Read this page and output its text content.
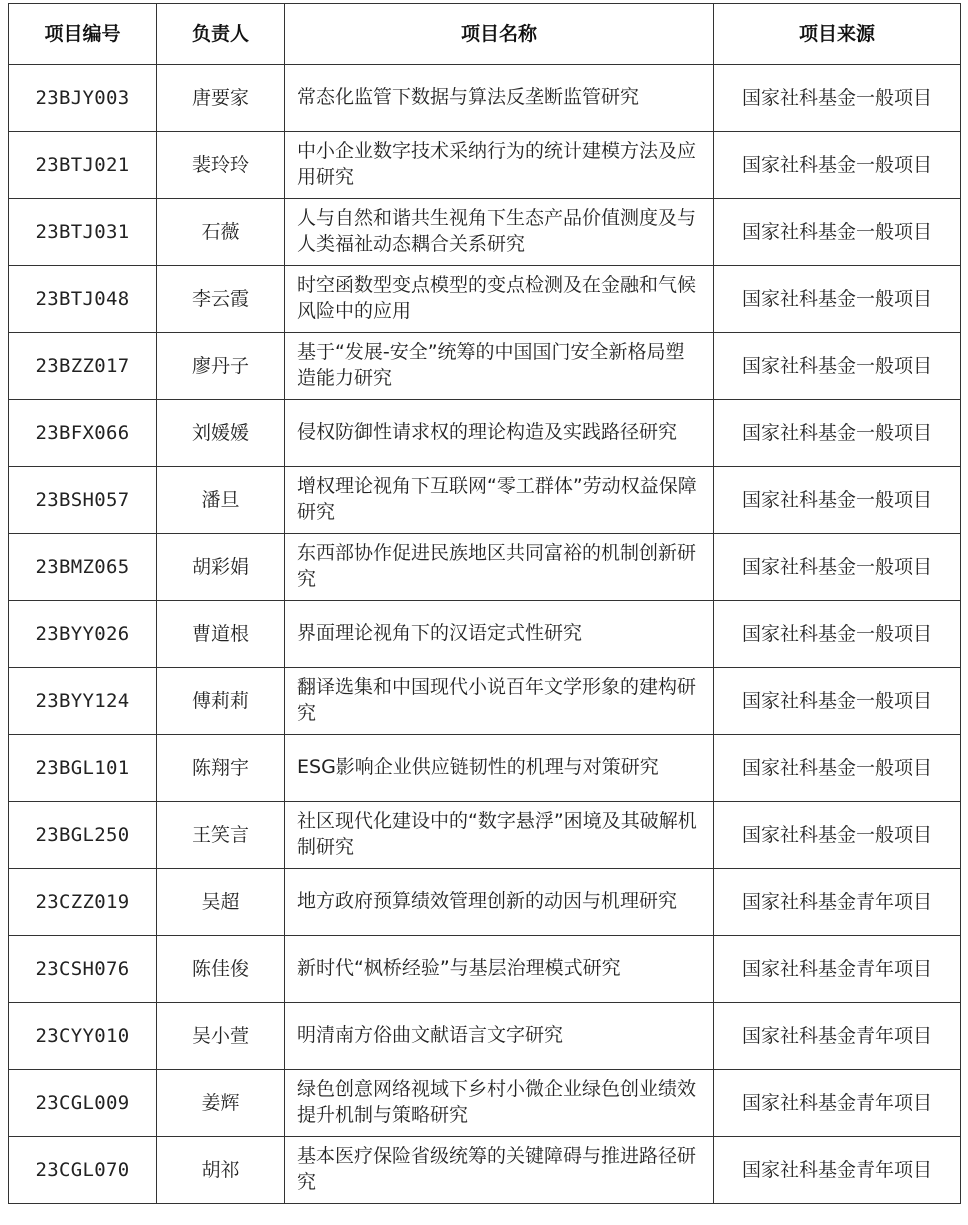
项目编号	负责人	项目名称	项目来源
23BJY003	唐要家	常态化监管下数据与算法反垄断监管研究	国家社科基金一般项目
23BTJ021	裴玲玲	中小企业数字技术采纳行为的统计建模方法及应用研究	国家社科基金一般项目
23BTJ031	石薇	人与自然和谐共生视角下生态产品价值测度及与人类福祉动态耦合关系研究	国家社科基金一般项目
23BTJ048	李云霞	时空函数型变点模型的变点检测及在金融和气候风险中的应用	国家社科基金一般项目
23BZZ017	廖丹子	基于“发展-安全”统筹的中国国门安全新格局塑造能力研究	国家社科基金一般项目
23BFX066	刘媛媛	侵权防御性请求权的理论构造及实践路径研究	国家社科基金一般项目
23BSH057	潘旦	增权理论视角下互联网“零工群体”劳动权益保障研究	国家社科基金一般项目
23BMZ065	胡彩娟	东西部协作促进民族地区共同富裕的机制创新研究	国家社科基金一般项目
23BYY026	曹道根	界面理论视角下的汉语定式性研究	国家社科基金一般项目
23BYY124	傅莉莉	翻译选集和中国现代小说百年文学形象的建构研究	国家社科基金一般项目
23BGL101	陈翔宇	ESG影响企业供应链韧性的机理与对策研究	国家社科基金一般项目
23BGL250	王笑言	社区现代化建设中的“数字悬浮”困境及其破解机制研究	国家社科基金一般项目
23CZZ019	吴超	地方政府预算绩效管理创新的动因与机理研究	国家社科基金青年项目
23CSH076	陈佳俊	新时代“枫桥经验”与基层治理模式研究	国家社科基金青年项目
23CYY010	吴小萱	明清南方俗曲文献语言文字研究	国家社科基金青年项目
23CGL009	姜辉	绿色创意网络视域下乡村小微企业绿色创业绩效提升机制与策略研究	国家社科基金青年项目
23CGL070	胡祁	基本医疗保险省级统筹的关键障碍与推进路径研究	国家社科基金青年项目
